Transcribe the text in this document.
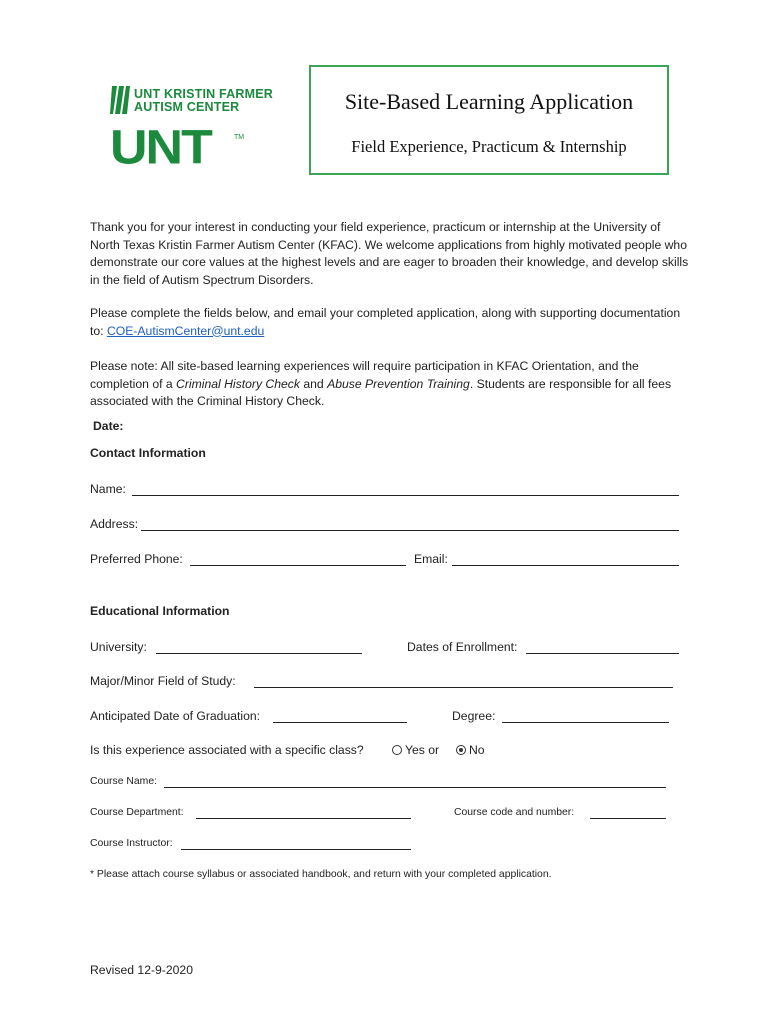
UNT KRISTIN FARMER
AUTISM CENTER
UNT	TM
Site-Based Learning Application
Field Experience, Practicum & Internship
Thank you for your interest in conducting your field experience, practicum or internship at the University of North Texas Kristin Farmer Autism Center (KFAC). We welcome applications from highly motivated people who demonstrate our core values at the highest levels and are eager to broaden their knowledge, and develop skills in the field of Autism Spectrum Disorders.
Please complete the fields below, and email your completed application, along with supporting documentation to: COE-AutismCenter@unt.edu
Please note: All site-based learning experiences will require participation in KFAC Orientation, and the completion of a Criminal History Check and Abuse Prevention Training. Students are responsible for all fees associated with the Criminal History Check.
Date:
Contact Information
Name:
Address:
Preferred Phone:	Email:
Educational Information
University:	Dates of Enrollment:
Major/Minor Field of Study:
Anticipated Date of Graduation:	Degree:
Is this experience associated with a specific class?	Yes or	No
Course Name:
Course Department:	Course code and number:
Course Instructor:
* Please attach course syllabus or associated handbook, and return with your completed application.
Revised 12-9-2020
